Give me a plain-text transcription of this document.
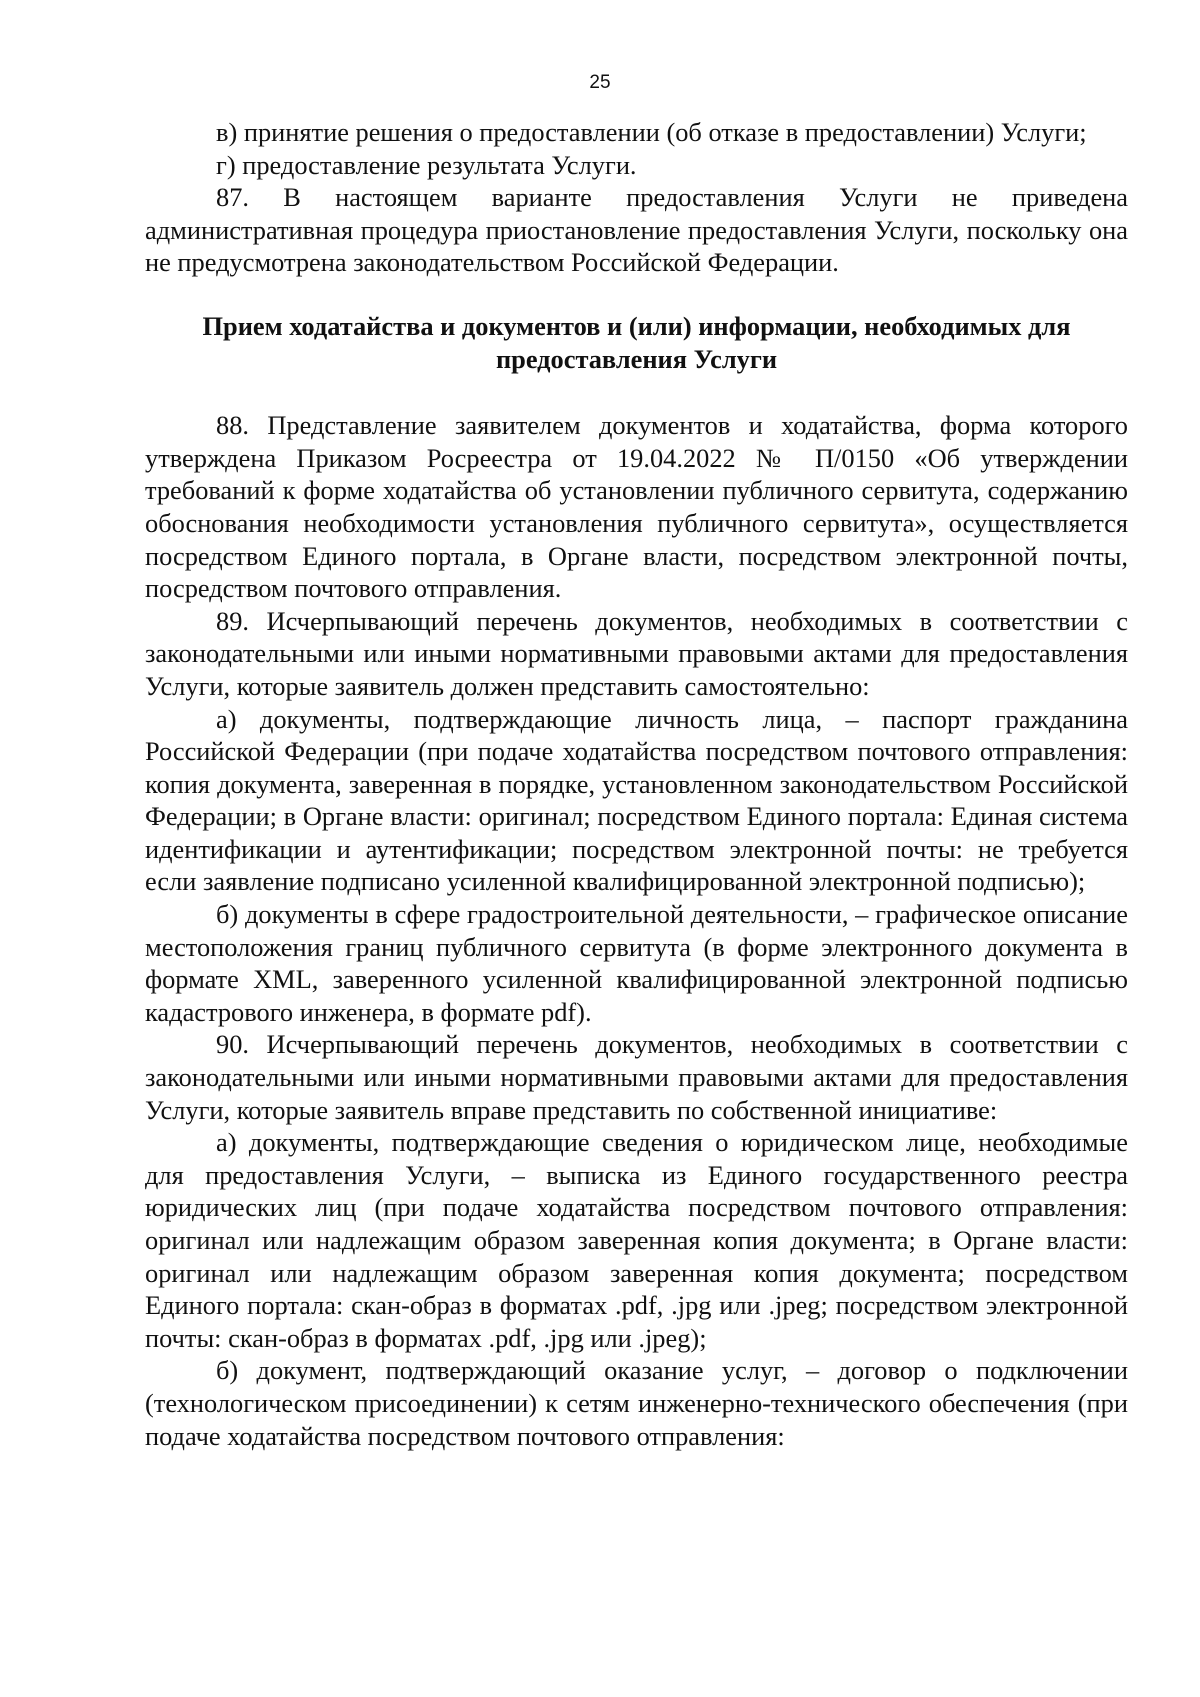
25

в) принятие решения о предоставлении (об отказе в предоставлении) Услуги;

г) предоставление результата Услуги.

87. В настоящем варианте предоставления Услуги не приведена административная процедура приостановление предоставления Услуги, поскольку она не предусмотрена законодательством Российской Федерации.

Прием ходатайства и документов и (или) информации, необходимых для предоставления Услуги

88. Представление заявителем документов и ходатайства, форма которого утверждена Приказом Росреестра от 19.04.2022 № П/0150 «Об утверждении требований к форме ходатайства об установлении публичного сервитута, содержанию обоснования необходимости установления публичного сервитута», осуществляется посредством Единого портала, в Органе власти, посредством электронной почты, посредством почтового отправления.

89. Исчерпывающий перечень документов, необходимых в соответствии с законодательными или иными нормативными правовыми актами для предоставления Услуги, которые заявитель должен представить самостоятельно:

а) документы, подтверждающие личность лица, – паспорт гражданина Российской Федерации (при подаче ходатайства посредством почтового отправления: копия документа, заверенная в порядке, установленном законодательством Российской Федерации; в Органе власти: оригинал; посредством Единого портала: Единая система идентификации и аутентификации; посредством электронной почты: не требуется если заявление подписано усиленной квалифицированной электронной подписью);

б) документы в сфере градостроительной деятельности, – графическое описание местоположения границ публичного сервитута (в форме электронного документа в формате XML, заверенного усиленной квалифицированной электронной подписью кадастрового инженера, в формате pdf).

90. Исчерпывающий перечень документов, необходимых в соответствии с законодательными или иными нормативными правовыми актами для предоставления Услуги, которые заявитель вправе представить по собственной инициативе:

а) документы, подтверждающие сведения о юридическом лице, необходимые для предоставления Услуги, – выписка из Единого государственного реестра юридических лиц (при подаче ходатайства посредством почтового отправления: оригинал или надлежащим образом заверенная копия документа; в Органе власти: оригинал или надлежащим образом заверенная копия документа; посредством Единого портала: скан-образ в форматах .pdf, .jpg или .jpeg; посредством электронной почты: скан-образ в форматах .pdf, .jpg или .jpeg);

б) документ, подтверждающий оказание услуг, – договор о подключении (технологическом присоединении) к сетям инженерно-технического обеспечения (при подаче ходатайства посредством почтового отправления:
